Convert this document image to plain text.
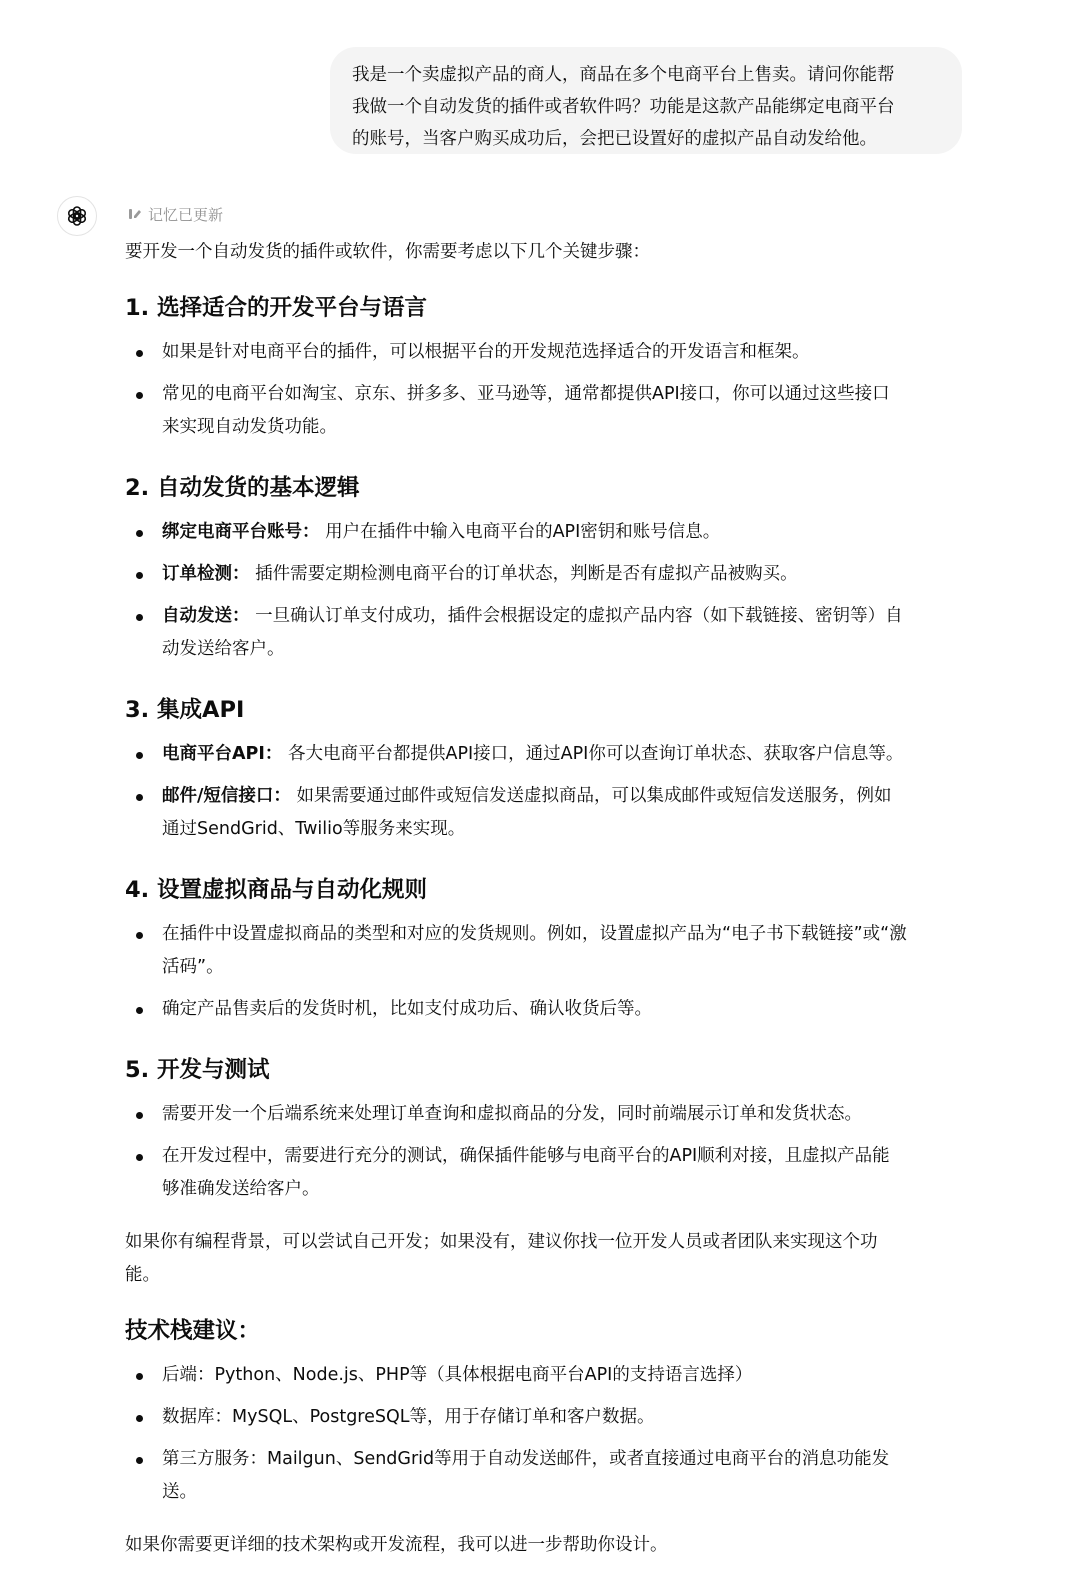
我是一个卖虚拟产品的商人，商品在多个电商平台上售卖。请问你能帮
我做一个自动发货的插件或者软件吗？功能是这款产品能绑定电商平台
的账号，当客户购买成功后，会把已设置好的虚拟产品自动发给他。
记忆已更新

要开发一个自动发货的插件或软件，你需要考虑以下几个关键步骤：

1. 选择适合的开发平台与语言
如果是针对电商平台的插件，可以根据平台的开发规范选择适合的开发语言和框架。
常见的电商平台如淘宝、京东、拼多多、亚马逊等，通常都提供API接口，你可以通过这些接口
来实现自动发货功能。
2. 自动发货的基本逻辑
绑定电商平台账号： 用户在插件中输入电商平台的API密钥和账号信息。
订单检测： 插件需要定期检测电商平台的订单状态，判断是否有虚拟产品被购买。
自动发送： 一旦确认订单支付成功，插件会根据设定的虚拟产品内容（如下载链接、密钥等）自
动发送给客户。
3. 集成API
电商平台API： 各大电商平台都提供API接口，通过API你可以查询订单状态、获取客户信息等。
邮件/短信接口： 如果需要通过邮件或短信发送虚拟商品，可以集成邮件或短信发送服务，例如
通过SendGrid、Twilio等服务来实现。
4. 设置虚拟商品与自动化规则
在插件中设置虚拟商品的类型和对应的发货规则。例如，设置虚拟产品为“电子书下载链接”或“激
活码”。
确定产品售卖后的发货时机，比如支付成功后、确认收货后等。
5. 开发与测试
需要开发一个后端系统来处理订单查询和虚拟商品的分发，同时前端展示订单和发货状态。
在开发过程中，需要进行充分的测试，确保插件能够与电商平台的API顺利对接，且虚拟产品能
够准确发送给客户。
如果你有编程背景，可以尝试自己开发；如果没有，建议你找一位开发人员或者团队来实现这个功
能。
技术栈建议：
后端：Python、Node.js、PHP等（具体根据电商平台API的支持语言选择）
数据库：MySQL、PostgreSQL等，用于存储订单和客户数据。
第三方服务：Mailgun、SendGrid等用于自动发送邮件，或者直接通过电商平台的消息功能发
送。

如果你需要更详细的技术架构或开发流程，我可以进一步帮助你设计。
